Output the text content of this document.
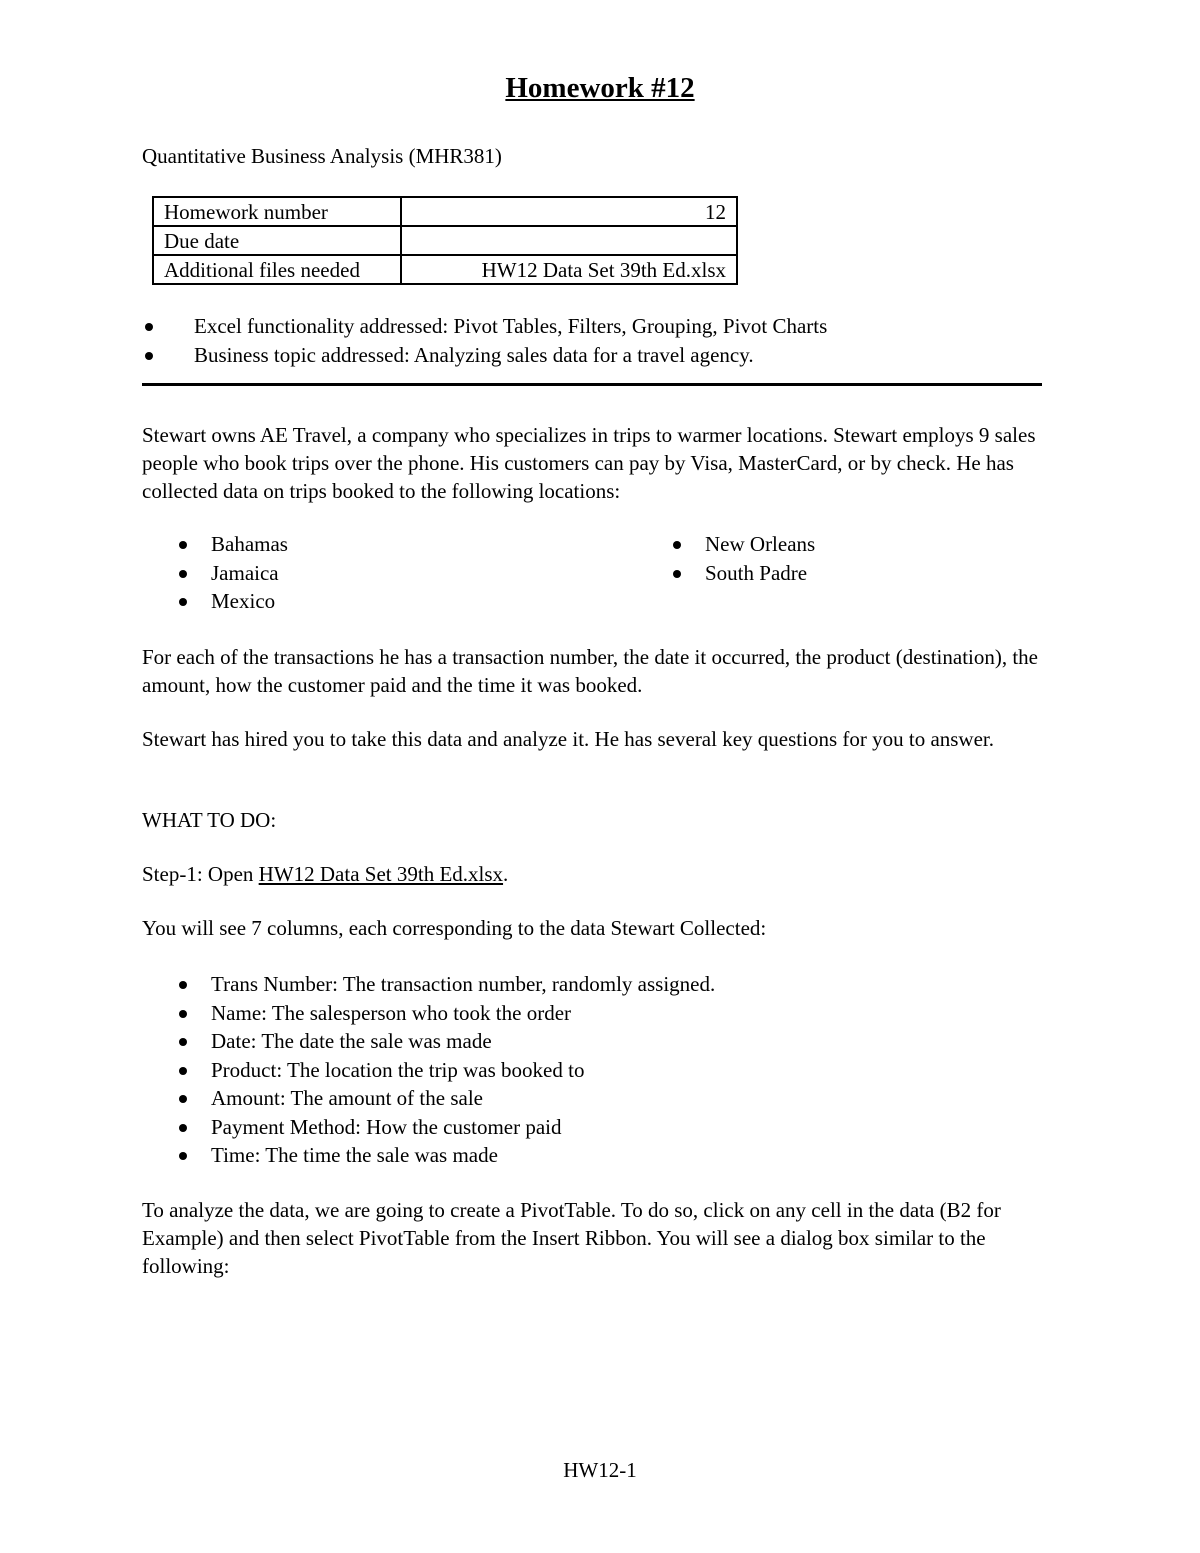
Homework #12
Quantitative Business Analysis (MHR381)
Homework number	12
Due date	
Additional files needed	HW12 Data Set 39th Ed.xlsx
Excel functionality addressed: Pivot Tables, Filters, Grouping, Pivot Charts
Business topic addressed: Analyzing sales data for a travel agency.
Stewart owns AE Travel, a company who specializes in trips to warmer locations. Stewart employs 9 sales people who book trips over the phone. His customers can pay by Visa, MasterCard, or by check. He has collected data on trips booked to the following locations:
Bahamas
Jamaica
Mexico
New Orleans
South Padre
For each of the transactions he has a transaction number, the date it occurred, the product (destination), the amount, how the customer paid and the time it was booked.
Stewart has hired you to take this data and analyze it. He has several key questions for you to answer.
WHAT TO DO:
Step-1: Open HW12 Data Set 39th Ed.xlsx.
You will see 7 columns, each corresponding to the data Stewart Collected:
Trans Number: The transaction number, randomly assigned.
Name: The salesperson who took the order
Date: The date the sale was made
Product: The location the trip was booked to
Amount: The amount of the sale
Payment Method: How the customer paid
Time: The time the sale was made
To analyze the data, we are going to create a PivotTable. To do so, click on any cell in the data (B2 for Example) and then select PivotTable from the Insert Ribbon. You will see a dialog box similar to the following:
HW12-1
